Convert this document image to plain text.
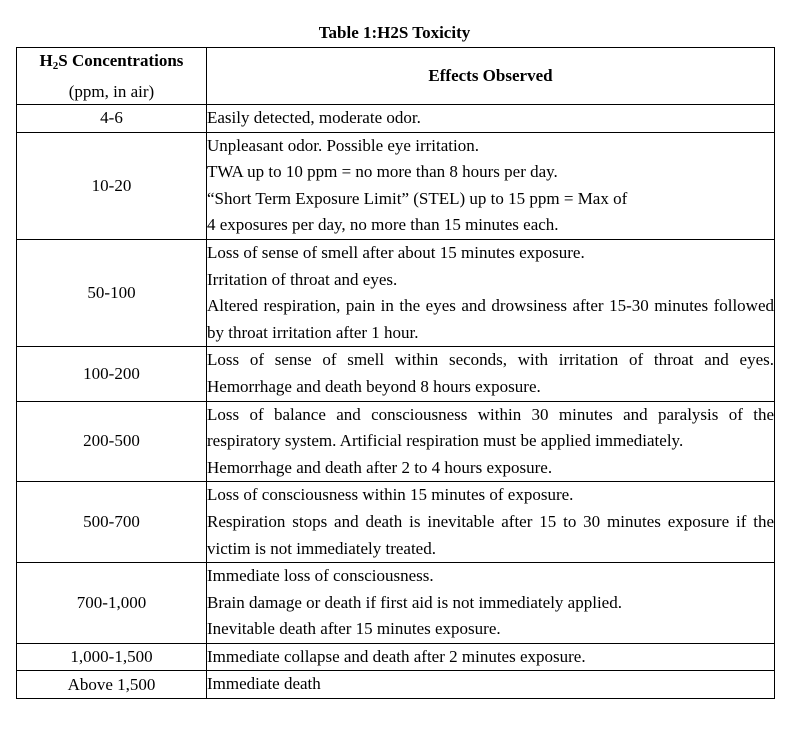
Table 1:H2S Toxicity
$H_2S$ Concentrations
(ppm, in air)	Effects Observed

4-6	Easily detected, moderate odor.

10-20	Unpleasant odor. Possible eye irritation.
TWA up to 10 ppm = no more than 8 hours per day.
“Short Term Exposure Limit” (STEL) up to 15 ppm = Max of
4 exposures per day, no more than 15 minutes each.

50-100	Loss of sense of smell after about 15 minutes exposure.
Irritation of throat and eyes.
Altered respiration, pain in the eyes and drowsiness after 15-30 minutes followed by throat irritation after 1 hour.

100-200	Loss of sense of smell within seconds, with irritation of throat and eyes. Hemorrhage and death beyond 8 hours exposure.

200-500	Loss of balance and consciousness within 30 minutes and paralysis of the respiratory system. Artificial respiration must be applied immediately.
Hemorrhage and death after 2 to 4 hours exposure.

500-700	Loss of consciousness within 15 minutes of exposure.
Respiration stops and death is inevitable after 15 to 30 minutes exposure if the victim is not immediately treated.

700-1,000	Immediate loss of consciousness.
Brain damage or death if first aid is not immediately applied.
Inevitable death after 15 minutes exposure.

1,000-1,500	Immediate collapse and death after 2 minutes exposure.

Above 1,500	Immediate death
